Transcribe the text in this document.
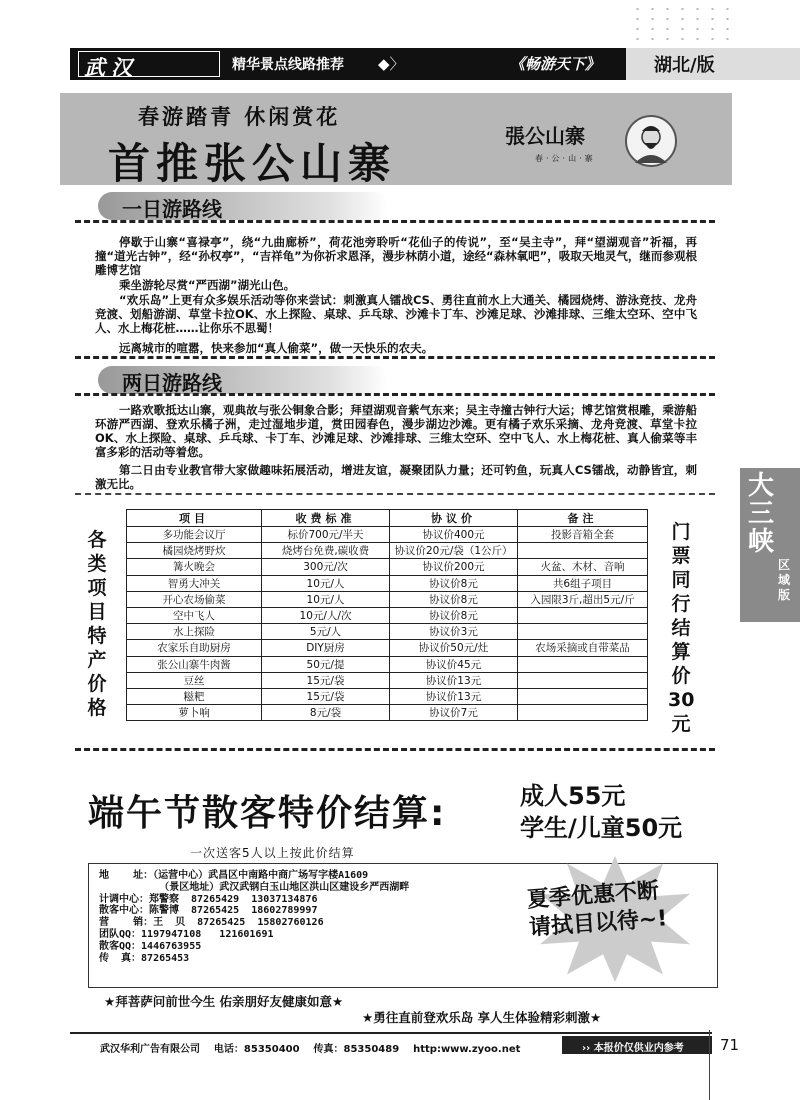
武汉	精华景点线路推荐 ◆〉	《畅游天下》	湖北/版
春游踏青 休闲赏花
首推张公山寨
張公山寨
春·公·山·寨
一日游路线

停歇于山寨“喜禄亭”，绕“九曲廊桥”，荷花池旁聆听“花仙子的传说”，至“吴主寺”，拜“望湖观音”祈福，再撞“道光古钟”，经“孙权亭”，“吉祥龟”为你祈求恩泽，漫步林荫小道，途经“森林氧吧”，吸取天地灵气，继而参观根雕博艺馆

乘坐游轮尽赏“严西湖”湖光山色。

“欢乐岛”上更有众多娱乐活动等你来尝试：刺激真人镭战CS、勇往直前水上大通关、橘园烧烤、游泳竞技、龙舟竞渡、划船游湖、草堂卡拉OK、水上探险、桌球、乒乓球、沙滩卡丁车、沙滩足球、沙滩排球、三维太空环、空中飞人、水上梅花桩……让你乐不思蜀！

远离城市的喧嚣，快来参加“真人偷菜”，做一天快乐的农夫。

两日游路线

一路欢歌抵达山寨，观典故与张公铜象合影；拜望湖观音紫气东来；吴主寺撞古钟行大运；博艺馆赏根雕，乘游船环游严西湖、登欢乐橘子洲，走过湿地步道，赏田园春色，漫步湖边沙滩。更有橘子欢乐采摘、龙舟竞渡、草堂卡拉OK、水上探险、桌球、乒乓球、卡丁车、沙滩足球、沙滩排球、三维太空环、空中飞人、水上梅花桩、真人偷菜等丰富多彩的活动等着您。

第二日由专业教官带大家做趣味拓展活动，增进友谊，凝聚团队力量；还可钓鱼，玩真人CS镭战，动静皆宜，刺激无比。

各
类
项
目
特
产
价
格
项目	收费标准	协议价	备注
多功能会议厅	标价700元/半天	协议价400元	投影音箱全套
橘园烧烤野炊	烧烤台免费,碳收费	协议价20元/袋（1公斤）	
篝火晚会	300元/次	协议价200元	火盆、木材、音响
智勇大冲关	10元/人	协议价8元	共6组子项目
开心农场偷菜	10元/人	协议价8元	入园限3斤,超出5元/斤
空中飞人	10元/人/次	协议价8元	
水上探险	5元/人	协议价3元	
农家乐自助厨房	DIY厨房	协议价50元/灶	农场采摘或自带菜品
张公山寨牛肉酱	50元/提	协议价45元	
豆丝	15元/袋	协议价13元	
糍粑	15元/袋	协议价13元	
萝卜响	8元/袋	协议价7元	
门
票
同
行
结
算
价
30
元
大
三
峡
区
域
版
端午节散客特价结算:	成人55元
学生/儿童50元
一次送客5人以上按此价结算
地    址：（运营中心）武昌区中南路中商广场写字楼A1609
（景区地址）武汉武钢白玉山地区洪山区建设乡严西湖畔
计调中心：郑警察  87265429  13037134876
散客中心：陈警博  87265425  18602789997
营    销：王  贝  87265425  15802760126
团队QQ：1197947108   121601691
散客QQ：1446763955
传  真：87265453
夏季优惠不断
请拭目以待~!
★拜菩萨问前世今生 佑亲朋好友健康如意★
★勇往直前登欢乐岛 享人生体验精彩刺激★
武汉华利广告有限公司    电话：85350400    传真：85350489    http:www.zyoo.net	›› 本报价仅供业内参考	71
